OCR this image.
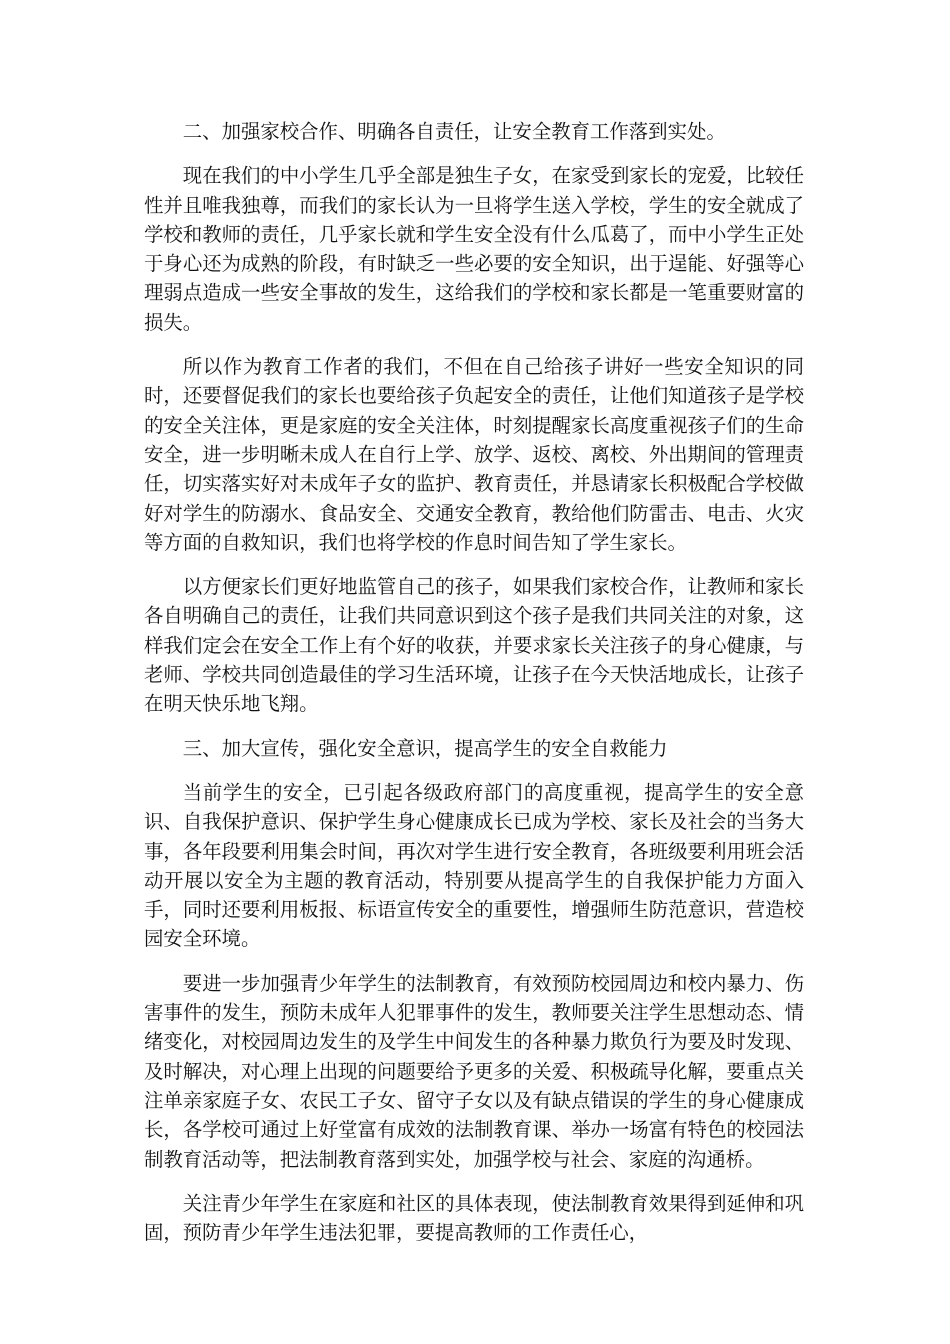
二、加强家校合作、明确各自责任，让安全教育工作落到实处。

现在我们的中小学生几乎全部是独生子女，在家受到家长的宠爱，比较任性并且唯我独尊，而我们的家长认为一旦将学生送入学校，学生的安全就成了学校和教师的责任，几乎家长就和学生安全没有什么瓜葛了，而中小学生正处于身心还为成熟的阶段，有时缺乏一些必要的安全知识，出于逞能、好强等心理弱点造成一些安全事故的发生，这给我们的学校和家长都是一笔重要财富的损失。

所以作为教育工作者的我们，不但在自己给孩子讲好一些安全知识的同时，还要督促我们的家长也要给孩子负起安全的责任，让他们知道孩子是学校的安全关注体，更是家庭的安全关注体，时刻提醒家长高度重视孩子们的生命安全，进一步明晰未成人在自行上学、放学、返校、离校、外出期间的管理责任，切实落实好对未成年子女的监护、教育责任，并恳请家长积极配合学校做好对学生的防溺水、食品安全、交通安全教育，教给他们防雷击、电击、火灾等方面的自救知识，我们也将学校的作息时间告知了学生家长。

以方便家长们更好地监管自己的孩子，如果我们家校合作，让教师和家长各自明确自己的责任，让我们共同意识到这个孩子是我们共同关注的对象，这样我们定会在安全工作上有个好的收获，并要求家长关注孩子的身心健康，与老师、学校共同创造最佳的学习生活环境，让孩子在今天快活地成长，让孩子在明天快乐地飞翔。

三、加大宣传，强化安全意识，提高学生的安全自救能力

当前学生的安全，已引起各级政府部门的高度重视，提高学生的安全意识、自我保护意识、保护学生身心健康成长已成为学校、家长及社会的当务大事，各年段要利用集会时间，再次对学生进行安全教育，各班级要利用班会活动开展以安全为主题的教育活动，特别要从提高学生的自我保护能力方面入手，同时还要利用板报、标语宣传安全的重要性，增强师生防范意识，营造校园安全环境。

要进一步加强青少年学生的法制教育，有效预防校园周边和校内暴力、伤害事件的发生，预防未成年人犯罪事件的发生，教师要关注学生思想动态、情绪变化，对校园周边发生的及学生中间发生的各种暴力欺负行为要及时发现、及时解决，对心理上出现的问题要给予更多的关爱、积极疏导化解，要重点关注单亲家庭子女、农民工子女、留守子女以及有缺点错误的学生的身心健康成长，各学校可通过上好堂富有成效的法制教育课、举办一场富有特色的校园法制教育活动等，把法制教育落到实处，加强学校与社会、家庭的沟通桥。

关注青少年学生在家庭和社区的具体表现，使法制教育效果得到延伸和巩固，预防青少年学生违法犯罪，要提高教师的工作责任心，
